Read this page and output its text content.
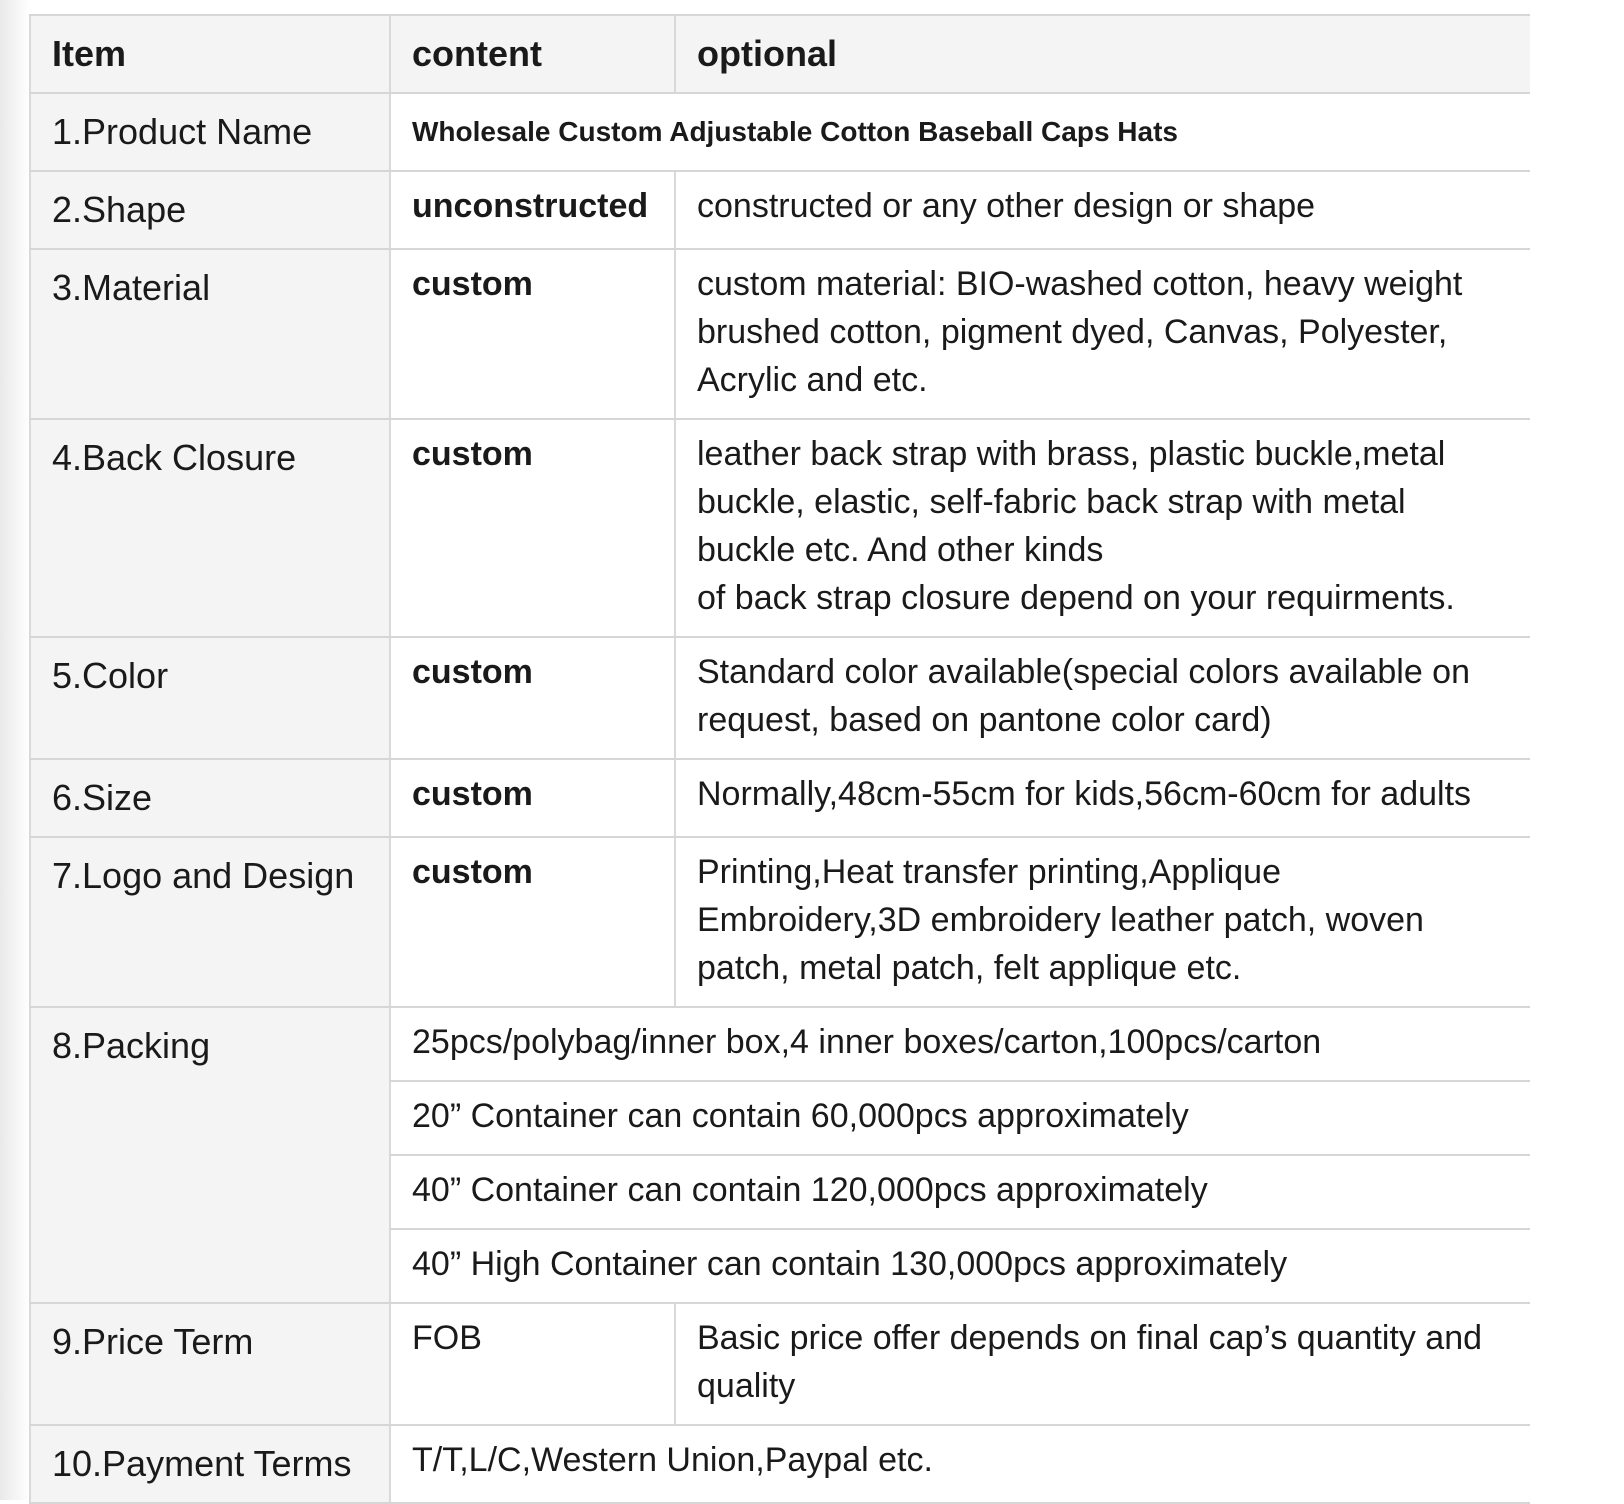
Item	content	optional
1.Product Name	Wholesale Custom Adjustable Cotton Baseball Caps Hats	
2.Shape	unconstructed	constructed or any other design or shape
3.Material	custom	custom material: BIO-washed cotton, heavy weight
brushed cotton, pigment dyed, Canvas, Polyester,
Acrylic and etc.

4.Back Closure	custom	leather back strap with brass, plastic buckle,metal
buckle, elastic, self-fabric back strap with metal
buckle etc. And other kinds
of back strap closure depend on your requirments.

5.Color	custom	Standard color available(special colors available on
request, based on pantone color card)

6.Size	custom	Normally,48cm-55cm for kids,56cm-60cm for adults
7.Logo and Design	custom	Printing,Heat transfer printing,Applique
Embroidery,3D embroidery leather patch, woven
patch, metal patch, felt applique etc.

8.Packing	25pcs/polybag/inner box,4 inner boxes/carton,100pcs/carton	
	20” Container can contain 60,000pcs approximately	
	40” Container can contain 120,000pcs approximately	
	40” High Container can contain 130,000pcs approximately	
9.Price Term	FOB	Basic price offer depends on final cap’s quantity and
quality

10.Payment Terms	T/T,L/C,Western Union,Paypal etc.	
